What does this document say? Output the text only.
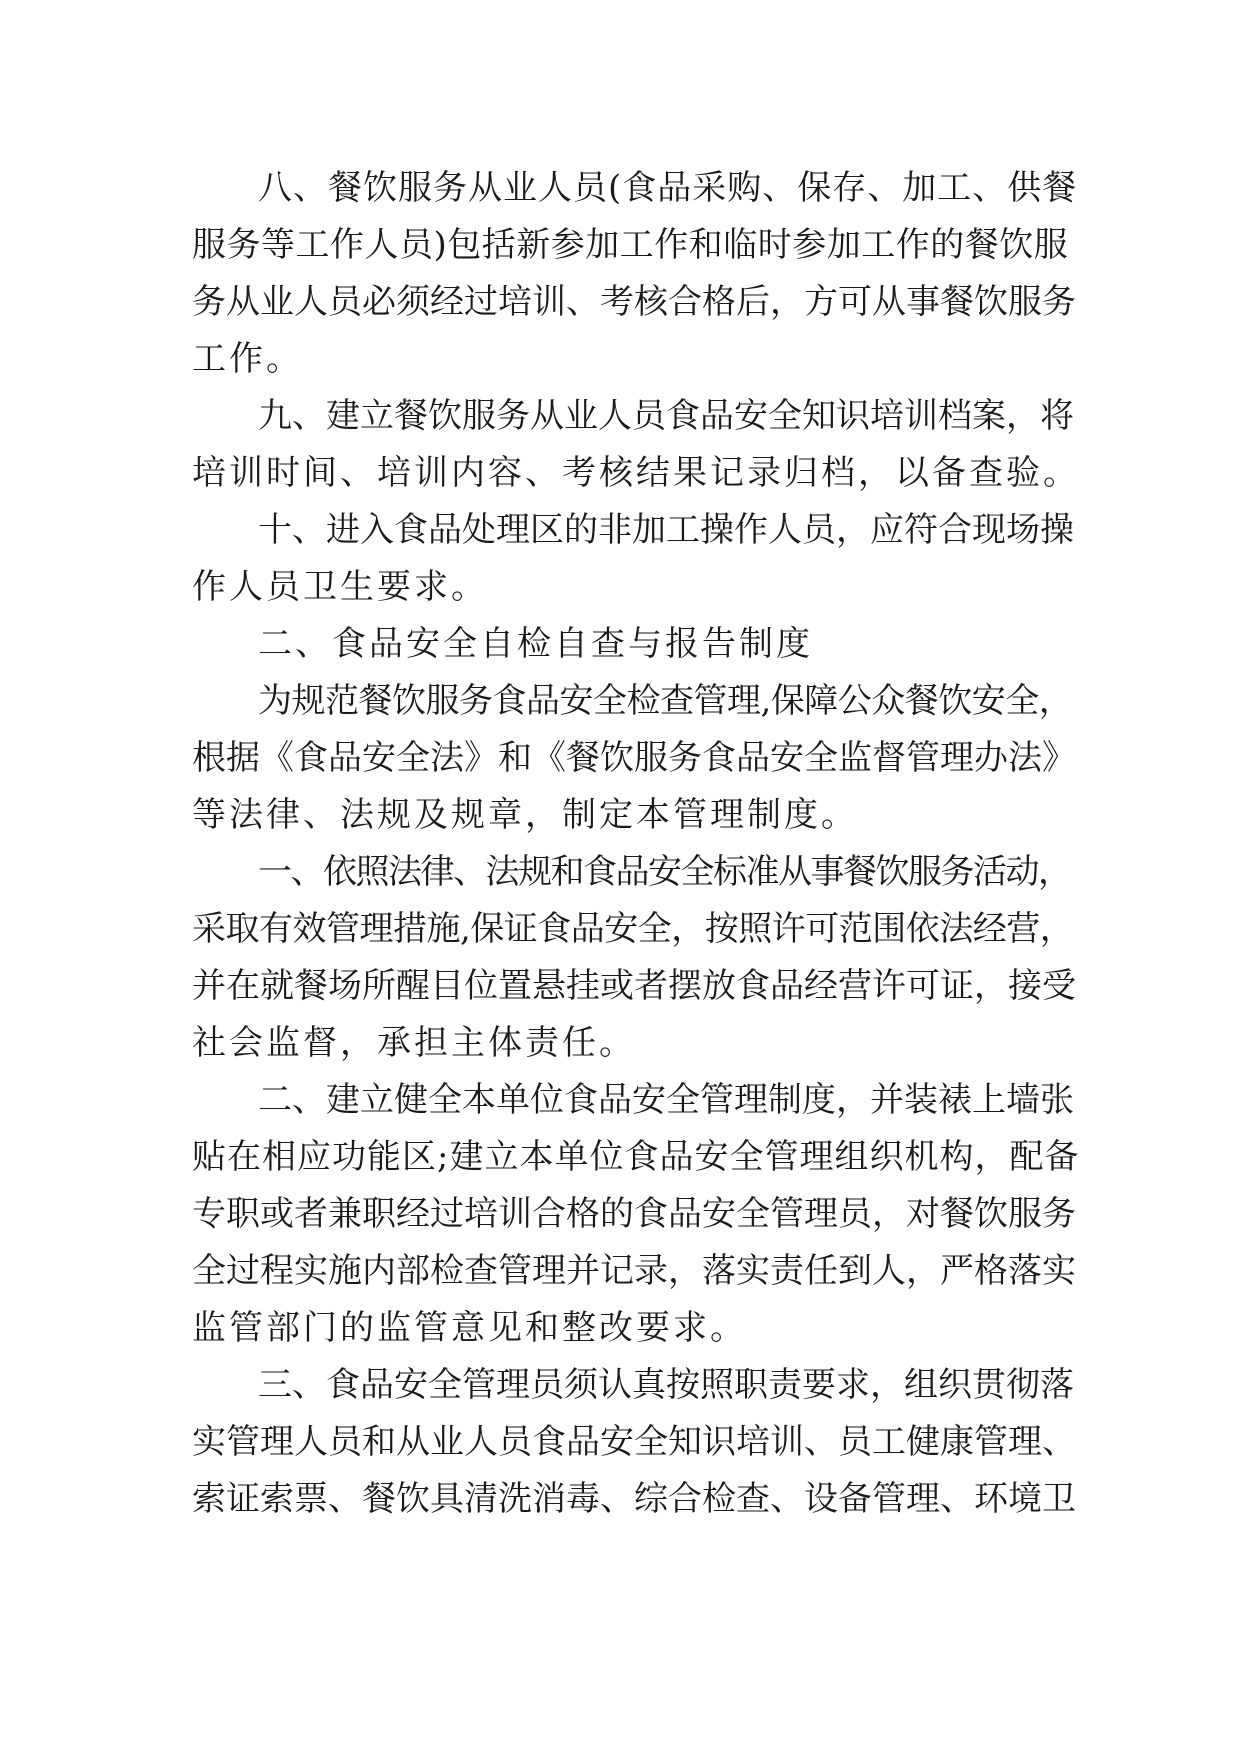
八、餐饮服务从业人员(食品采购、保存、加工、供餐
服务等工作人员)包括新参加工作和临时参加工作的餐饮服
务从业人员必须经过培训、考核合格后，方可从事餐饮服务
工作。
九、建立餐饮服务从业人员食品安全知识培训档案，将
培训时间、培训内容、考核结果记录归档，以备查验。
十、进入食品处理区的非加工操作人员，应符合现场操
作人员卫生要求。
二、食品安全自检自查与报告制度
为规范餐饮服务食品安全检查管理,保障公众餐饮安全，
根据《食品安全法》和《餐饮服务食品安全监督管理办法》
等法律、法规及规章，制定本管理制度。
一、依照法律、法规和食品安全标准从事餐饮服务活动，
采取有效管理措施,保证食品安全，按照许可范围依法经营，
并在就餐场所醒目位置悬挂或者摆放食品经营许可证，接受
社会监督，承担主体责任。
二、建立健全本单位食品安全管理制度，并装裱上墙张
贴在相应功能区;建立本单位食品安全管理组织机构，配备
专职或者兼职经过培训合格的食品安全管理员，对餐饮服务
全过程实施内部检查管理并记录，落实责任到人，严格落实
监管部门的监管意见和整改要求。
三、食品安全管理员须认真按照职责要求，组织贯彻落
实管理人员和从业人员食品安全知识培训、员工健康管理、
索证索票、餐饮具清洗消毒、综合检查、设备管理、环境卫
